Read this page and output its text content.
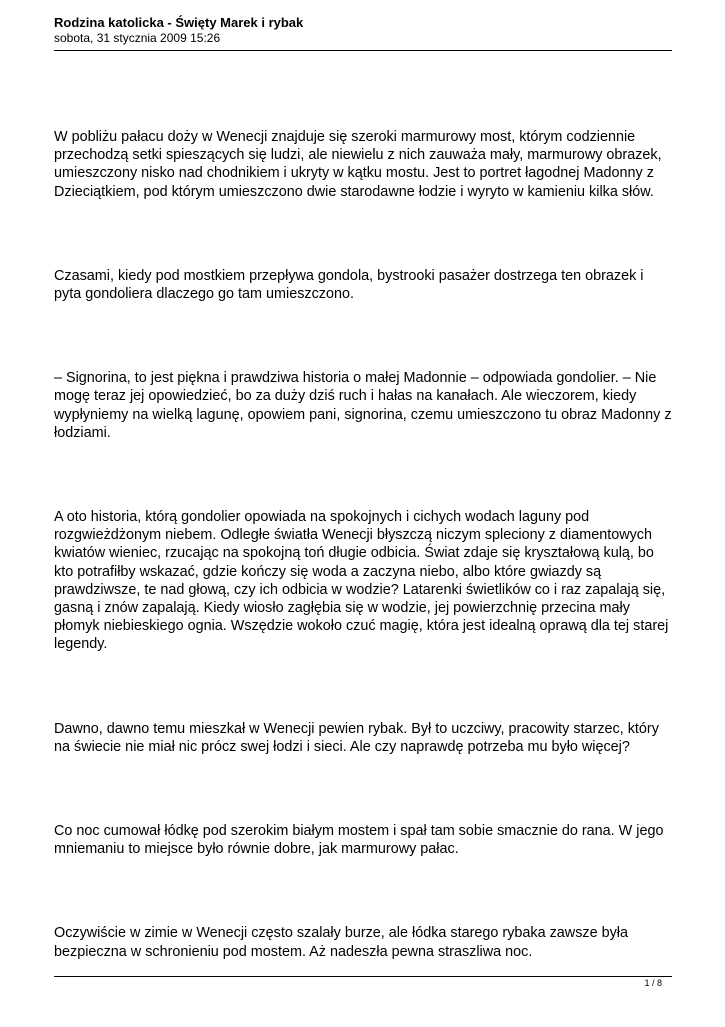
Rodzina katolicka - Święty Marek i rybak

sobota, 31 stycznia 2009 15:26

W pobliżu pałacu doży w Wenecji znajduje się szeroki marmurowy most, którym codziennie przechodzą setki spieszących się ludzi, ale niewielu z nich zauważa mały, marmurowy obrazek, umieszczony nisko nad chodnikiem i ukryty w kątku mostu. Jest to portret łagodnej Madonny z Dzieciątkiem, pod którym umieszczono dwie starodawne łodzie i wyryto w kamieniu kilka słów.

Czasami, kiedy pod mostkiem przepływa gondola, bystrooki pasażer dostrzega ten obrazek i pyta gondoliera dlaczego go tam umieszczono.

– Signorina, to jest piękna i prawdziwa historia o małej Madonnie – odpowiada gondolier. – Nie mogę teraz jej opowiedzieć, bo za duży dziś ruch i hałas na kanałach. Ale wieczorem, kiedy wypłyniemy na wielką lagunę, opowiem pani, signorina, czemu umieszczono tu obraz Madonny z łodziami.

A oto historia, którą gondolier opowiada na spokojnych i cichych wodach laguny pod rozgwieżdżonym niebem. Odległe światła Wenecji błyszczą niczym spleciony z diamentowych kwiatów wieniec, rzucając na spokojną toń długie odbicia. Świat zdaje się kryształową kulą, bo kto potrafiłby wskazać, gdzie kończy się woda a zaczyna niebo, albo które gwiazdy są prawdziwsze, te nad głową, czy ich odbicia w wodzie? Latarenki świetlików co i raz zapalają się, gasną i znów zapalają. Kiedy wiosło zagłębia się w wodzie, jej powierzchnię przecina mały płomyk niebieskiego ognia. Wszędzie wokoło czuć magię, która jest idealną oprawą dla tej starej legendy.

Dawno, dawno temu mieszkał w Wenecji pewien rybak. Był to uczciwy, pracowity starzec, który na świecie nie miał nic prócz swej łodzi i sieci. Ale czy naprawdę potrzeba mu było więcej?

Co noc cumował łódkę pod szerokim białym mostem i spał tam sobie smacznie do rana. W jego mniemaniu to miejsce było równie dobre, jak marmurowy pałac.

Oczywiście w zimie w Wenecji często szalały burze, ale łódka starego rybaka zawsze była bezpieczna w schronieniu pod mostem. Aż nadeszła pewna straszliwa noc.

1 / 8
